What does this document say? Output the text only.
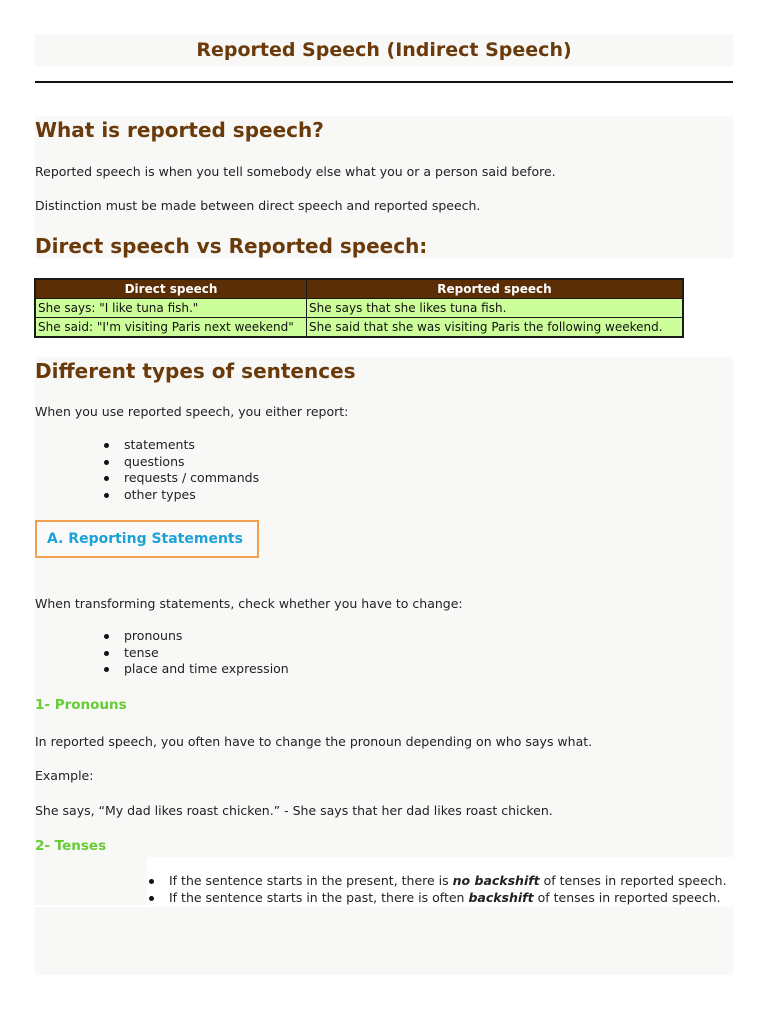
Reported Speech (Indirect Speech)
What is reported speech?

Reported speech is when you tell somebody else what you or a person said before.

Distinction must be made between direct speech and reported speech.

Direct speech vs Reported speech:
Direct speech	Reported speech
She says: "I like tuna fish."	She says that she likes tuna fish.
She said: "I'm visiting Paris next weekend"	She said that she was visiting Paris the following weekend.
Different types of sentences

When you use reported speech, you either report:

statements
questions
requests / commands
other types
A. Reporting Statements

When transforming statements, check whether you have to change:

pronouns
tense
place and time expression
1- Pronouns

In reported speech, you often have to change the pronoun depending on who says what.

Example:

She says, “My dad likes roast chicken.” - She says that her dad likes roast chicken.

2- Tenses
If the sentence starts in the present, there is no backshift of tenses in reported speech.
If the sentence starts in the past, there is often backshift of tenses in reported speech.
